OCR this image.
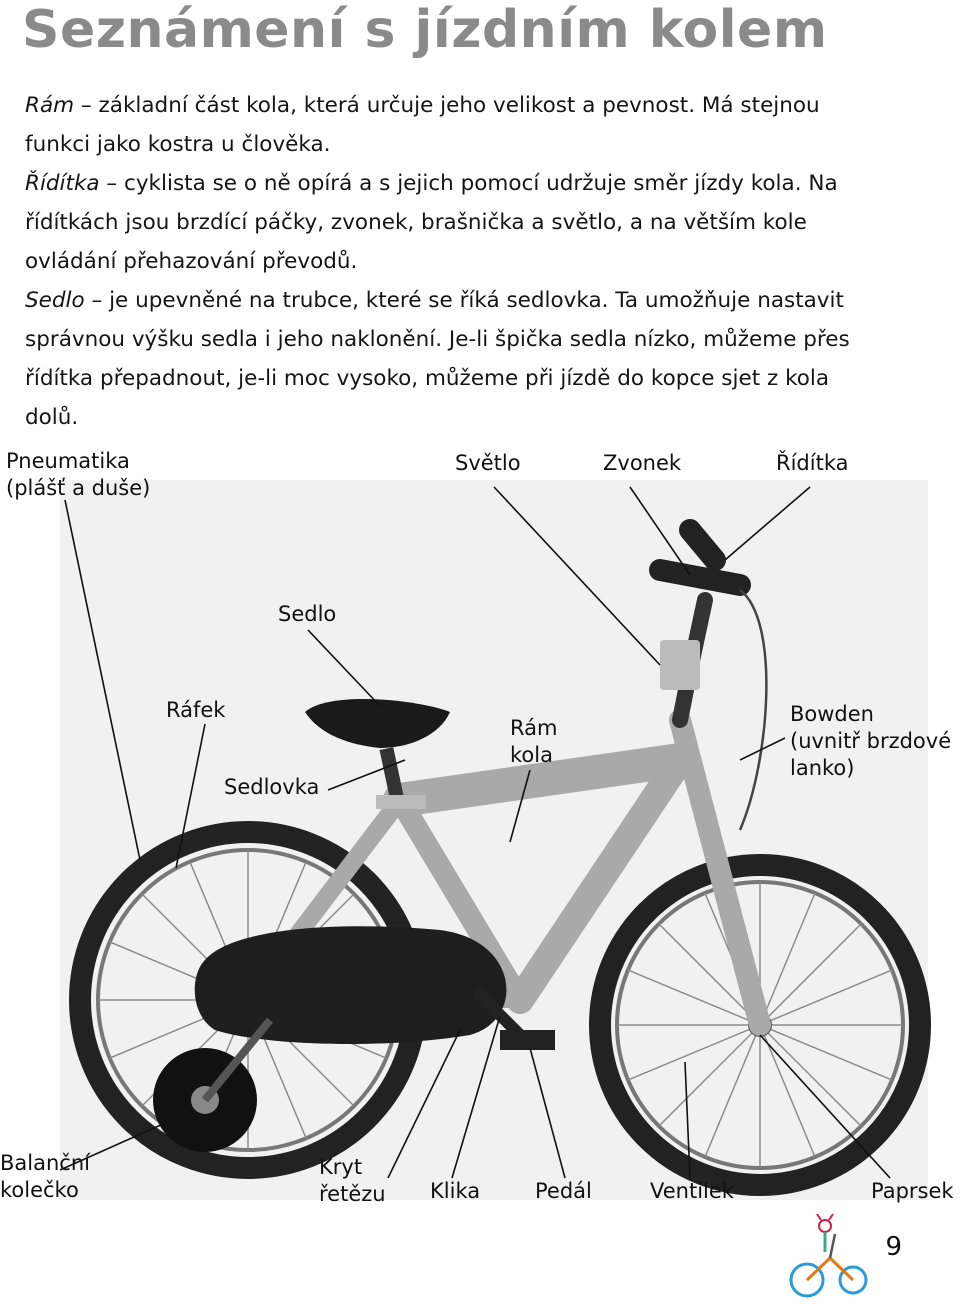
Seznámení s jízdním kolem
Rám – základní část kola, která určuje jeho velikost a pevnost. Má stejnou funkci jako kostra u člověka.
Řídítka – cyklista se o ně opírá a s jejich pomocí udržuje směr jízdy kola. Na řídítkách jsou brzdící páčky, zvonek, brašnička a světlo, a na větším kole ovládání přehazování převodů.
Sedlo – je upevněné na trubce, které se říká sedlovka. Ta umožňuje nastavit správnou výšku sedla i jeho naklonění. Je-li špička sedla nízko, můžeme přes řídítka přepadnout, je-li moc vysoko, můžeme při jízdě do kopce sjet z kola dolů.
Pneumatika
(plášť a duše)
Světlo	Zvonek	Řídítka
Sedlo
Ráfek
Sedlovka
Rám
kola
Bowden
(uvnitř brzdové
lanko)
Balanční
kolečko
Kryt
řetězu Klika	Pedál	Ventilek	Paprsek
9
